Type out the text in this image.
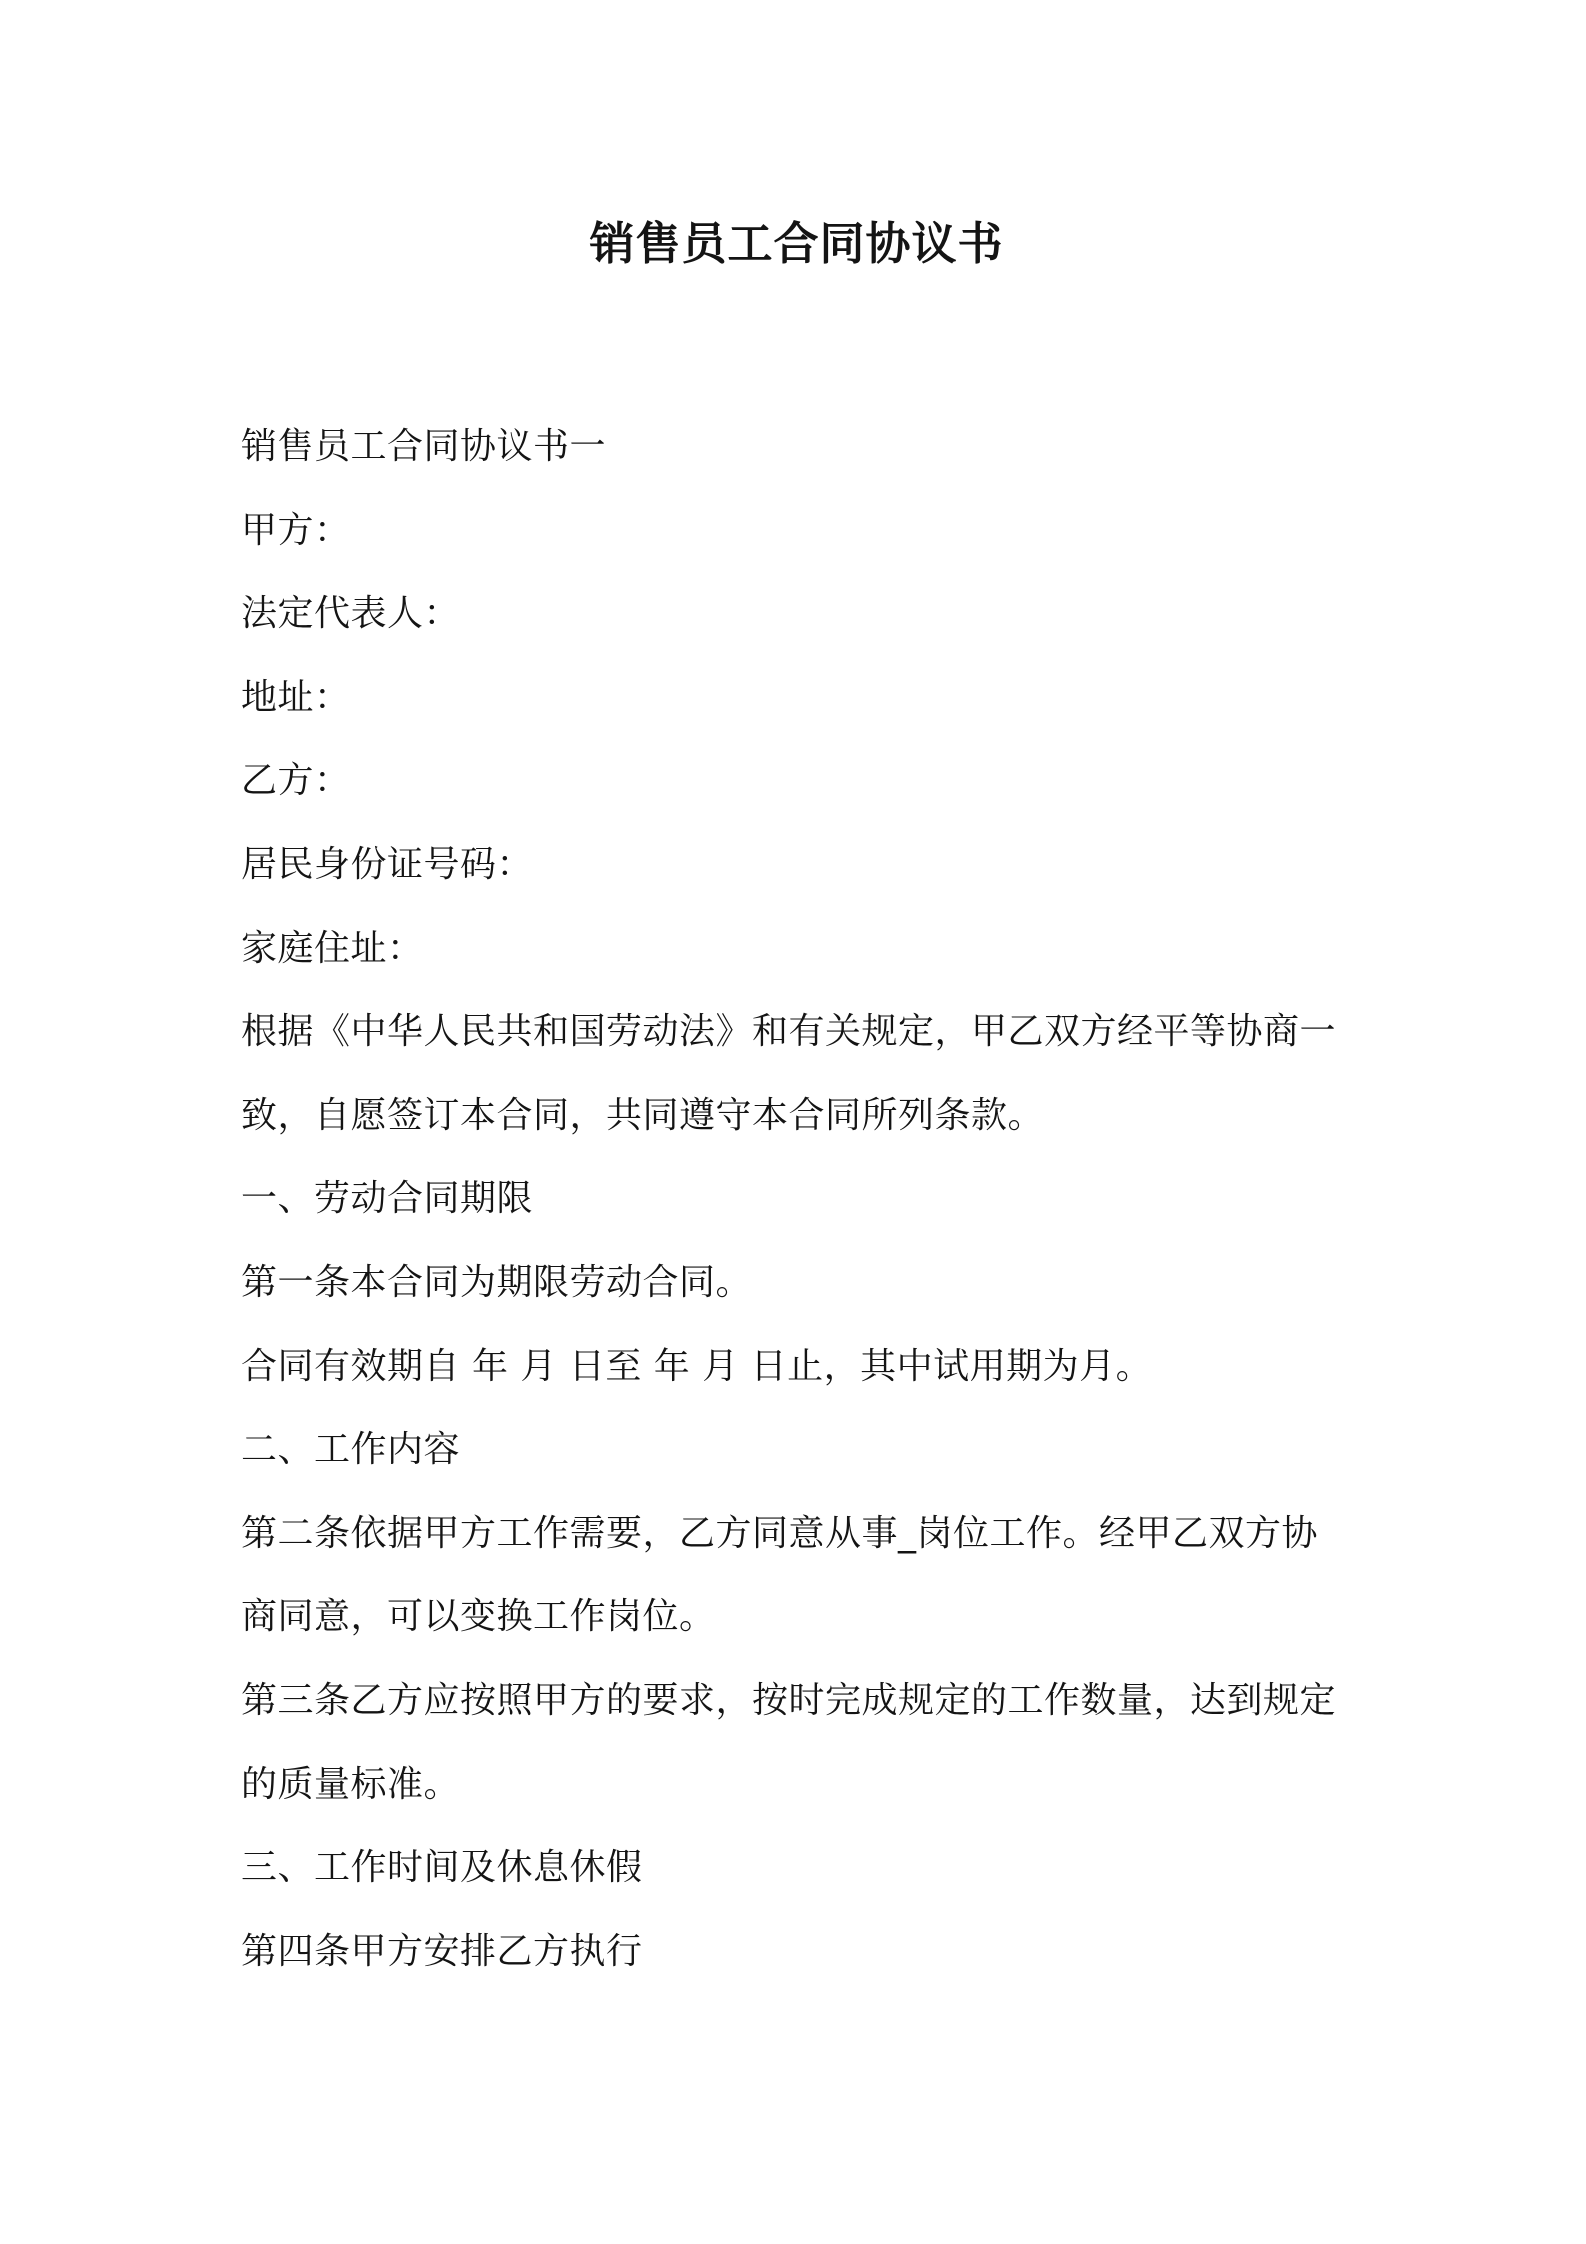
销售员工合同协议书

销售员工合同协议书一

甲方：

法定代表人：

地址：

乙方：

居民身份证号码：

家庭住址：

根据《中华人民共和国劳动法》和有关规定，甲乙双方经平等协商一

致，自愿签订本合同，共同遵守本合同所列条款。

一、劳动合同期限

第一条本合同为期限劳动合同。

合同有效期自 年 月 日至 年 月 日止，其中试用期为月。

二、工作内容

第二条依据甲方工作需要，乙方同意从事_岗位工作。经甲乙双方协

商同意，可以变换工作岗位。

第三条乙方应按照甲方的要求，按时完成规定的工作数量，达到规定

的质量标准。

三、工作时间及休息休假

第四条甲方安排乙方执行
